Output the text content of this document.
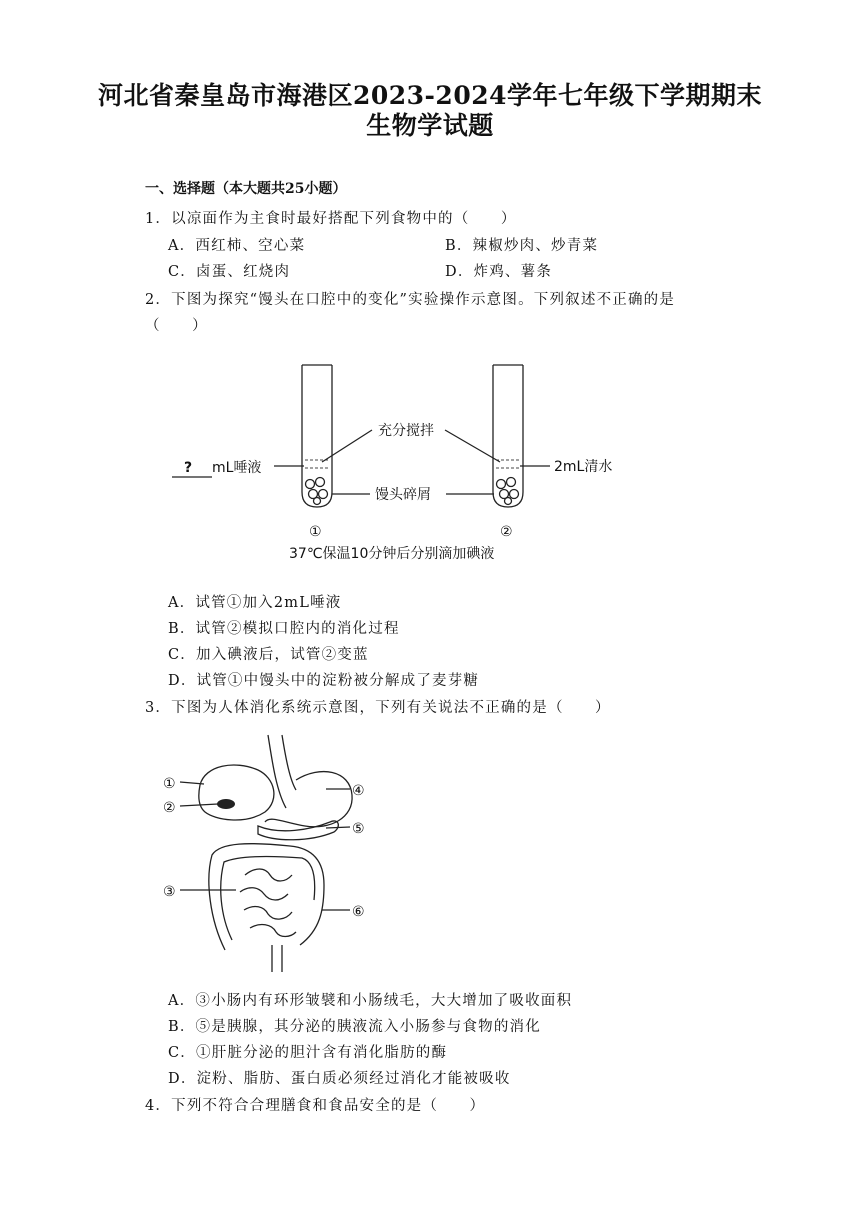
河北省秦皇岛市海港区2023-2024学年七年级下学期期末
生物学试题
一、选择题（本大题共25小题）
1．以凉面作为主食时最好搭配下列食物中的（　　）
A．西红柿、空心菜	B．辣椒炒肉、炒青菜
C．卤蛋、红烧肉	D．炸鸡、薯条
2．下图为探究“馒头在口腔中的变化”实验操作示意图。下列叙述不正确的是
（　　）
充分搅拌
? mL唾液	2mL清水
馒头碎屑
①	②
37℃保温10分钟后分别滴加碘液
A．试管①加入2mL唾液
B．试管②模拟口腔内的消化过程
C．加入碘液后，试管②变蓝
D．试管①中馒头中的淀粉被分解成了麦芽糖
3．下图为人体消化系统示意图，下列有关说法不正确的是（　　）
①
②
③
④
⑤
⑥
A．③小肠内有环形皱襞和小肠绒毛，大大增加了吸收面积
B．⑤是胰腺，其分泌的胰液流入小肠参与食物的消化
C．①肝脏分泌的胆汁含有消化脂肪的酶
D．淀粉、脂肪、蛋白质必须经过消化才能被吸收
4．下列不符合合理膳食和食品安全的是（　　）
